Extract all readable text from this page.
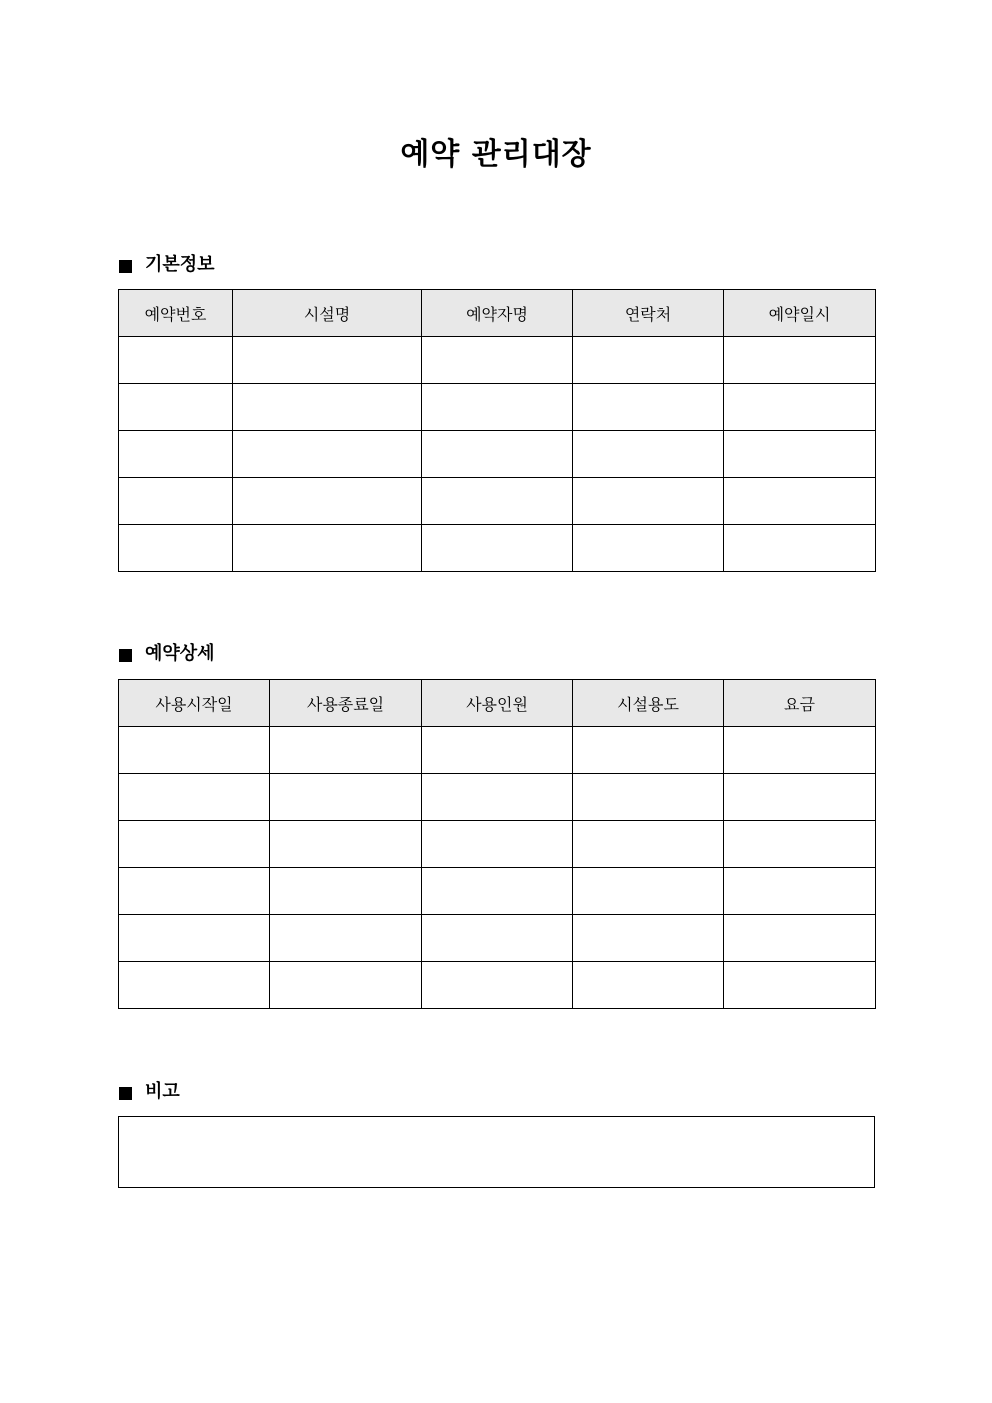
예약 관리대장
기본정보
예약번호	시설명	예약자명	연락처	예약일시

예약상세
사용시작일	사용종료일	사용인원	시설용도	요금

비고
